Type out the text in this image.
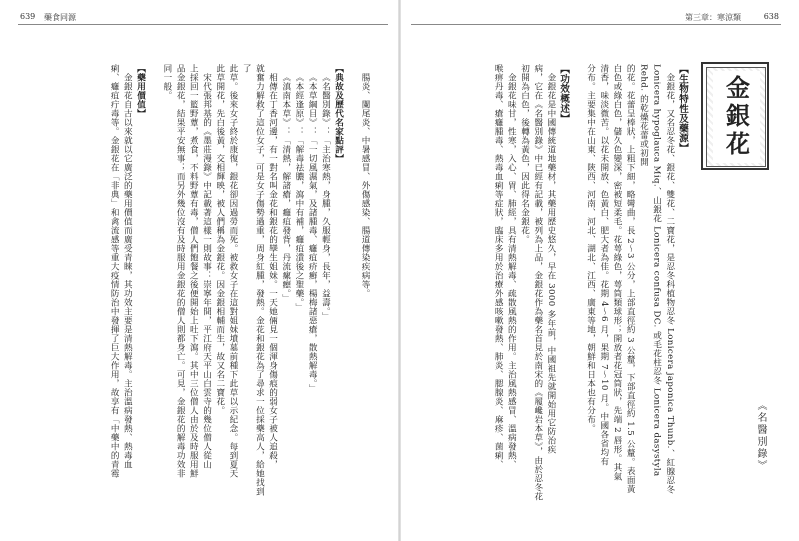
639 藥食同源

腸炎、闌尾炎、中暑感冒、外傷感染、腸道傳染疾病等。

【典故及歷代名家點評】

《名醫別錄》：「主治寒熱，身腫，久服輕身，長年，益壽。」

《本草綱目》：「一切風濕氣，及諸腫毒、癰疽疥癬，楊梅諸惡瘡，散熱解毒。」

《本經逢原》：「解毒祛膿，瀉中有補，癰疽潰後之聖藥。」

《滇南本草》：「清熱，解諸瘡，癰疽發背，丹流瘰癧。」

相傳在丁香河邊，有一對名叫金花和銀花的孿生姐妹。一天她倆見一個渾身傷痕的弱女子被人追殺，

就奮力解救了這位女子，可是女子傷勢過重，周身紅腫，發熱。金花和銀花為了尋求一位採藥高人，給她找到了

此草。後來女子終於康復，銀花卻因過勞而死。被救女子在這對姐妹墳墓前種下此草以示紀念。每到夏天

此草開花，先白後黃，交相輝映，被人們稱為金銀花。因金銀相輔而生，故又名二寶花。

宋代張邦基的《墨莊漫錄》中記載著這樣一則故事：崇寧年間，平江府天平山白雲寺的幾位僧人從山

上採回一籃野蕈，煮食，不料野蕈有毒，僧人們飽餐之後便開始上吐下瀉。其中三位僧人由於及時服用鮮

品金銀花，結果平安無事；而另外幾位沒有及時服用金銀花的僧人則都身亡。可見，金銀花的解毒功效非

同一般。

【藥用價值】

金銀花自古以來就以它廣泛的藥用價值而廣受青睞，其功效主要是清熱解毒。主治溫病發熱、熱毒血

痢、癰疽疔毒等。金銀花在「非典」和禽流感等重大疫情防治中發揮了巨大作用，故享有「中藥中的青霉

第三章：寒涼類	638
金銀花

【生物特性及藥源】

金銀花，又名忍冬花、銀花、雙花、二寶花，是忍冬科植物忍冬 Lonicera japonica Thunb.、紅腺忍冬

Lonicera hypoglauca Miq.、山銀花 Lonicera confusa DC. 或毛花柱忍冬 Lonicera dasystyla Rehd. 的乾燥花蕾或初開

的花。花蕾呈棒狀，上粗下細，略彎曲，長 2～3 公分，上部直徑約 3 公釐，下部直徑約 1.5 公釐。表面黃

白色或綠白色，儲久色變深，密被短柔毛。花萼綠色，萼筒類球形；開放者花冠筒狀，先端 2 唇形。其氣

清香，味淡微苦。以花未開放、色黃白、肥大者為佳。花期 4～6 月，果期 7～10 月。中國各省均有

分布。主要集中在山東、陝西、河南、河北、湖北、江西、廣東等地，朝鮮和日本也有分布。

【功效概述】

金銀花是中國傳統道地藥材，其藥用歷史悠久，早在 3000 多年前，中國祖先就開始用它防治疾

病，它在《名醫別錄》中已經有記載，被列為上品，金銀花作為藥名首見於南宋的《履巉岩本草》，由於忍冬花

初開為白色，後轉為黃色，因此得名金銀花。

金銀花味甘，性寒，入心、胃、肺經，具有清熱解毒、疏散風熱的作用。主治風熱感冒、溫病發熱、

喉痹丹毒、瘡癰腫毒、熱毒血痢等症狀，臨床多用於治療外感咳嗽發熱、肺炎、腮腺炎、麻疹、菌痢、	《名醫別錄》
